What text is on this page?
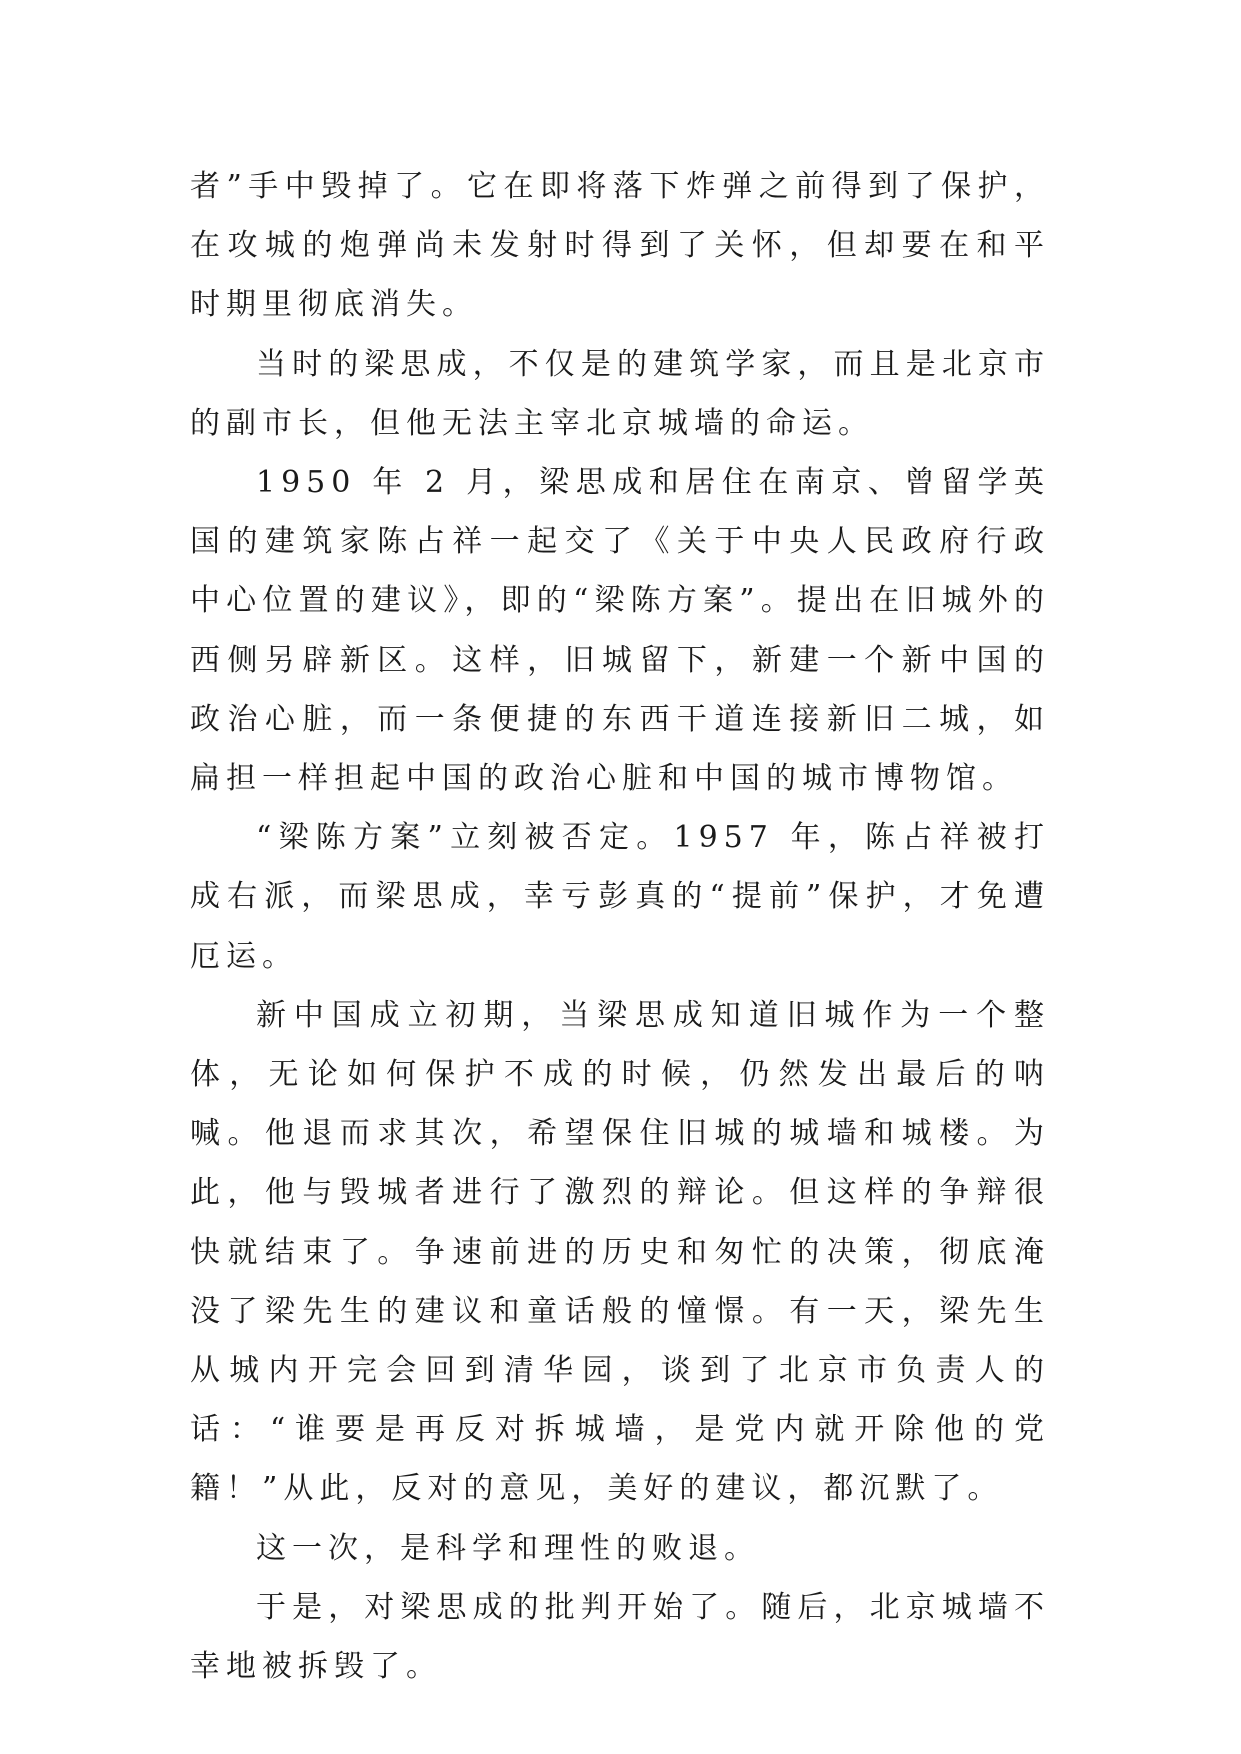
者”手中毁掉了。它在即将落下炸弹之前得到了保护，在攻城的炮弹尚未发射时得到了关怀，但却要在和平时期里彻底消失。

当时的梁思成，不仅是的建筑学家，而且是北京市的副市长，但他无法主宰北京城墙的命运。

1950 年 2 月，梁思成和居住在南京、曾留学英国的建筑家陈占祥一起交了《关于中央人民政府行政中心位置的建议》，即的“梁陈方案”。提出在旧城外的西侧另辟新区。这样，旧城留下，新建一个新中国的政治心脏，而一条便捷的东西干道连接新旧二城，如扁担一样担起中国的政治心脏和中国的城市博物馆。

“梁陈方案”立刻被否定。1957 年，陈占祥被打成右派，而梁思成，幸亏彭真的“提前”保护，才免遭厄运。

新中国成立初期，当梁思成知道旧城作为一个整体，无论如何保护不成的时候，仍然发出最后的呐喊。他退而求其次，希望保住旧城的城墙和城楼。为此，他与毁城者进行了激烈的辩论。但这样的争辩很快就结束了。争速前进的历史和匆忙的决策，彻底淹没了梁先生的建议和童话般的憧憬。有一天，梁先生从城内开完会回到清华园，谈到了北京市负责人的话：“谁要是再反对拆城墙，是党内就开除他的党籍！”从此，反对的意见，美好的建议，都沉默了。

这一次，是科学和理性的败退。

于是，对梁思成的批判开始了。随后，北京城墙不幸地被拆毁了。
